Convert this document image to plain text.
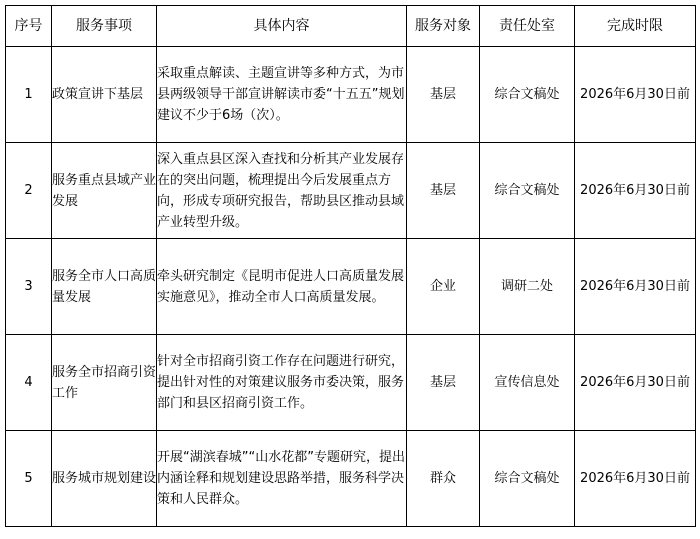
序号	服务事项	具体内容	服务对象	责任处室	完成时限
1	政策宣讲下基层	采取重点解读、主题宣讲等多种方式，为市县两级领导干部宣讲解读市委“十五五”规划建议不少于6场（次）。	基层	综合文稿处	2026年6月30日前
2	服务重点县域产业发展	深入重点县区深入查找和分析其产业发展存在的突出问题，梳理提出今后发展重点方向，形成专项研究报告，帮助县区推动县域产业转型升级。	基层	综合文稿处	2026年6月30日前
3	服务全市人口高质量发展	牵头研究制定《昆明市促进人口高质量发展实施意见》，推动全市人口高质量发展。	企业	调研二处	2026年6月30日前
4	服务全市招商引资工作	针对全市招商引资工作存在问题进行研究，提出针对性的对策建议服务市委决策，服务部门和县区招商引资工作。	基层	宣传信息处	2026年6月30日前
5	服务城市规划建设	开展“湖滨春城”“山水花都”专题研究，提出内涵诠释和规划建设思路举措，服务科学决策和人民群众。	群众	综合文稿处	2026年6月30日前
